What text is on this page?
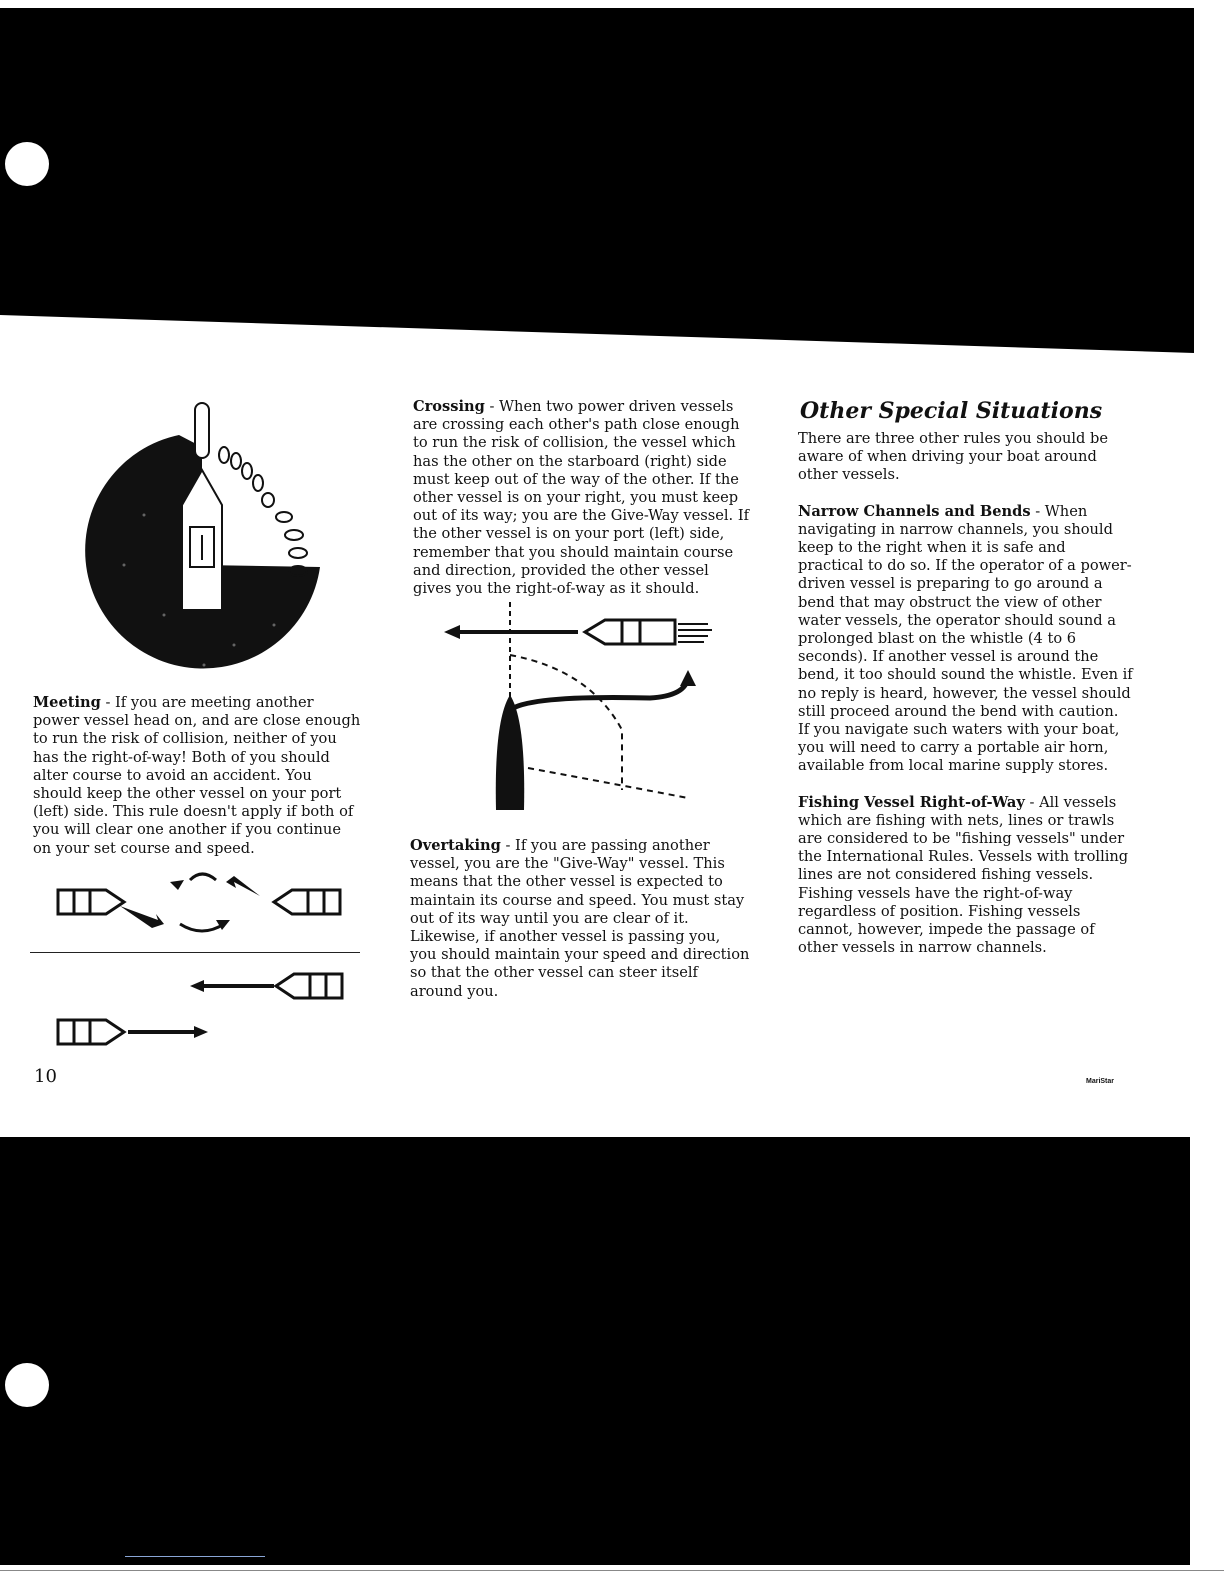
Meeting - If you are meeting another power vessel head on, and are close enough to run the risk of collision, neither of you has the right-of-way! Both of you should alter course to avoid an accident. You should keep the other vessel on your port (left) side. This rule doesn't apply if both of you will clear one another if you continue on your set course and speed.

10

Crossing - When two power driven vessels are crossing each other's path close enough to run the risk of collision, the vessel which has the other on the starboard (right) side must keep out of the way of the other. If the other vessel is on your right, you must keep out of its way; you are the Give-Way vessel. If the other vessel is on your port (left) side, remember that you should maintain course and direction, provided the other vessel gives you the right-of-way as it should.

Overtaking - If you are passing another vessel, you are the "Give-Way" vessel. This means that the other vessel is expected to maintain its course and speed. You must stay out of its way until you are clear of it. Likewise, if another vessel is passing you, you should maintain your speed and direction so that the other vessel can steer itself around you.

Other Special Situations

There are three other rules you should be aware of when driving your boat around other vessels.

Narrow Channels and Bends - When navigating in narrow channels, you should keep to the right when it is safe and practical to do so. If the operator of a power-driven vessel is preparing to go around a bend that may obstruct the view of other water vessels, the operator should sound a prolonged blast on the whistle (4 to 6 seconds). If another vessel is around the bend, it too should sound the whistle. Even if no reply is heard, however, the vessel should still proceed around the bend with caution. If you navigate such waters with your boat, you will need to carry a portable air horn, available from local marine supply stores.

Fishing Vessel Right-of-Way - All vessels which are fishing with nets, lines or trawls are considered to be "fishing vessels" under the International Rules. Vessels with trolling lines are not considered fishing vessels. Fishing vessels have the right-of-way regardless of position. Fishing vessels cannot, however, impede the passage of other vessels in narrow channels.

MariStar
